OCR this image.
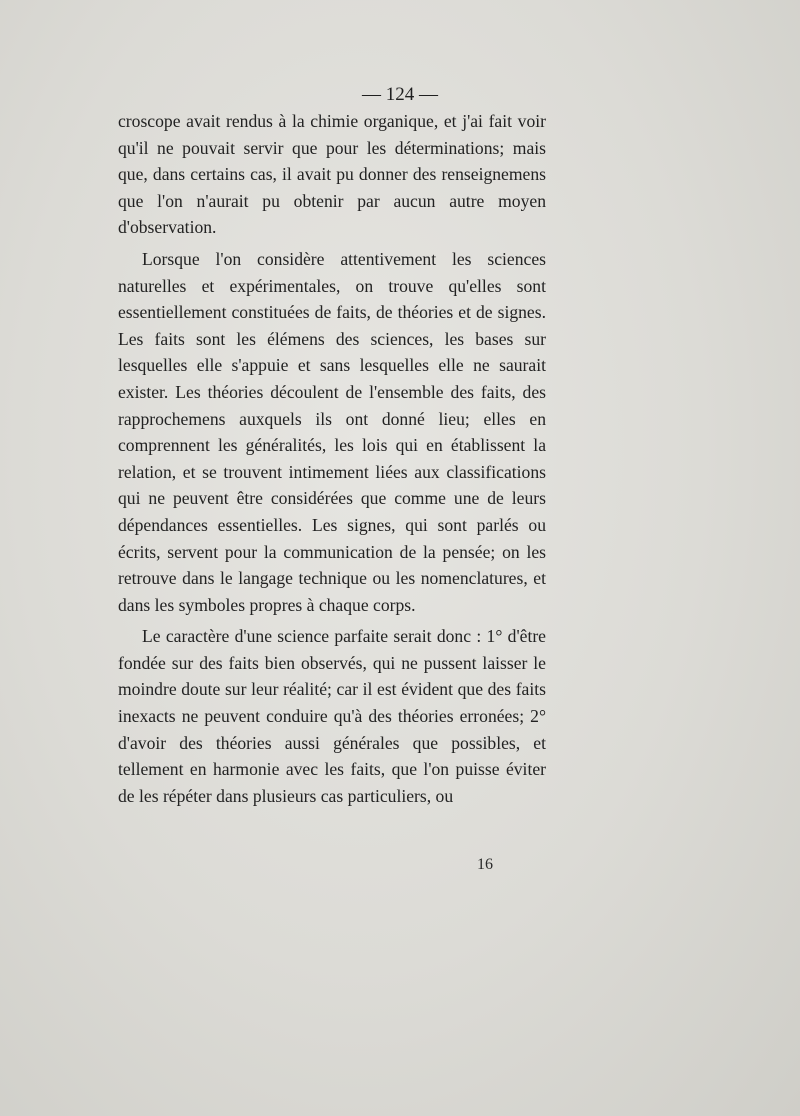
— 124 —

croscope avait rendus à la chimie organique, et j'ai fait voir qu'il ne pouvait servir que pour les déterminations; mais que, dans certains cas, il avait pu donner des renseignemens que l'on n'aurait pu obtenir par aucun autre moyen d'observation.

Lorsque l'on considère attentivement les sciences naturelles et expérimentales, on trouve qu'elles sont essentiellement constituées de faits, de théories et de signes. Les faits sont les élémens des sciences, les bases sur lesquelles elle s'appuie et sans lesquelles elle ne saurait exister. Les théories découlent de l'ensemble des faits, des rapprochemens auxquels ils ont donné lieu; elles en comprennent les généralités, les lois qui en établissent la relation, et se trouvent intimement liées aux classifications qui ne peuvent être considérées que comme une de leurs dépendances essentielles. Les signes, qui sont parlés ou écrits, servent pour la communication de la pensée; on les retrouve dans le langage technique ou les nomenclatures, et dans les symboles propres à chaque corps.

Le caractère d'une science parfaite serait donc : 1° d'être fondée sur des faits bien observés, qui ne pussent laisser le moindre doute sur leur réalité; car il est évident que des faits inexacts ne peuvent conduire qu'à des théories erronées; 2° d'avoir des théories aussi générales que possibles, et tellement en harmonie avec les faits, que l'on puisse éviter de les répéter dans plusieurs cas particuliers, ou

16
